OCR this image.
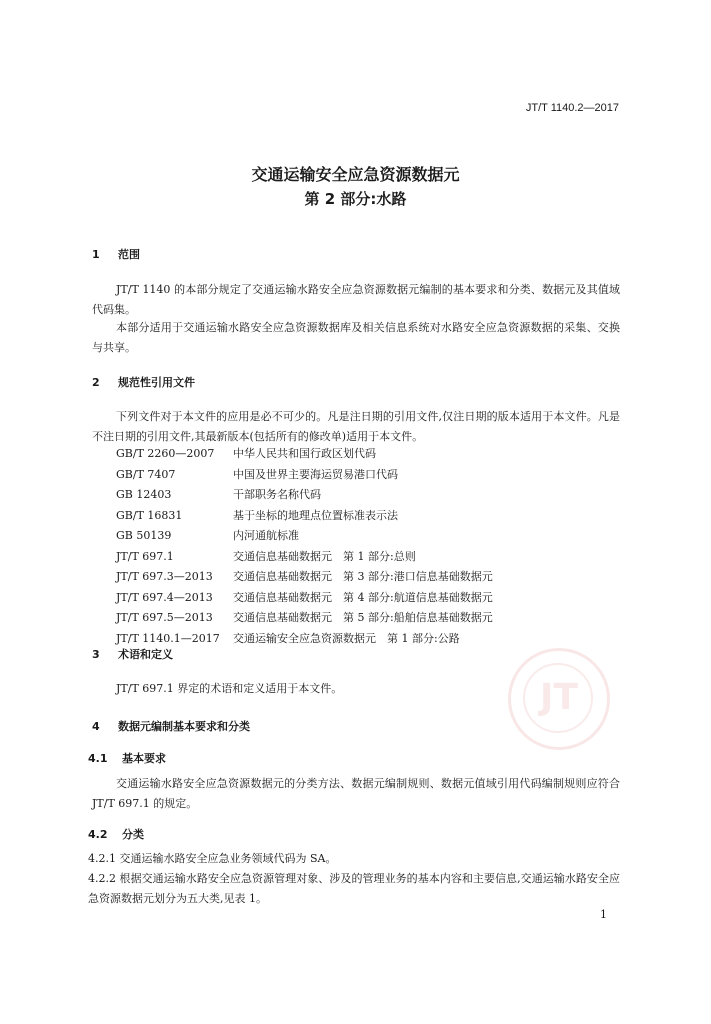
JT/T 1140.2—2017
交通运输安全应急资源数据元
第 2 部分:水路
1 范围
JT/T 1140 的本部分规定了交通运输水路安全应急资源数据元编制的基本要求和分类、数据元及其值域代码集。
本部分适用于交通运输水路安全应急资源数据库及相关信息系统对水路安全应急资源数据的采集、交换与共享。
2 规范性引用文件
下列文件对于本文件的应用是必不可少的。凡是注日期的引用文件,仅注日期的版本适用于本文件。凡是不注日期的引用文件,其最新版本(包括所有的修改单)适用于本文件。
GB/T 2260—2007	中华人民共和国行政区划代码
GB/T 7407	中国及世界主要海运贸易港口代码
GB 12403	干部职务名称代码
GB/T 16831	基于坐标的地理点位置标准表示法
GB 50139	内河通航标准
JT/T 697.1	交通信息基础数据元　第 1 部分:总则
JT/T 697.3—2013	交通信息基础数据元　第 3 部分:港口信息基础数据元
JT/T 697.4—2013	交通信息基础数据元　第 4 部分:航道信息基础数据元
JT/T 697.5—2013	交通信息基础数据元　第 5 部分:船舶信息基础数据元
JT/T 1140.1—2017	交通运输安全应急资源数据元　第 1 部分:公路
3 术语和定义
JT/T 697.1 界定的术语和定义适用于本文件。	JT
4 数据元编制基本要求和分类
4.1 基本要求
交通运输水路安全应急资源数据元的分类方法、数据元编制规则、数据元值域引用代码编制规则应符合 JT/T 697.1 的规定。
4.2 分类
4.2.1 交通运输水路安全应急业务领域代码为 SA。
4.2.2 根据交通运输水路安全应急资源管理对象、涉及的管理业务的基本内容和主要信息,交通运输水路安全应急资源数据元划分为五大类,见表 1。
1
